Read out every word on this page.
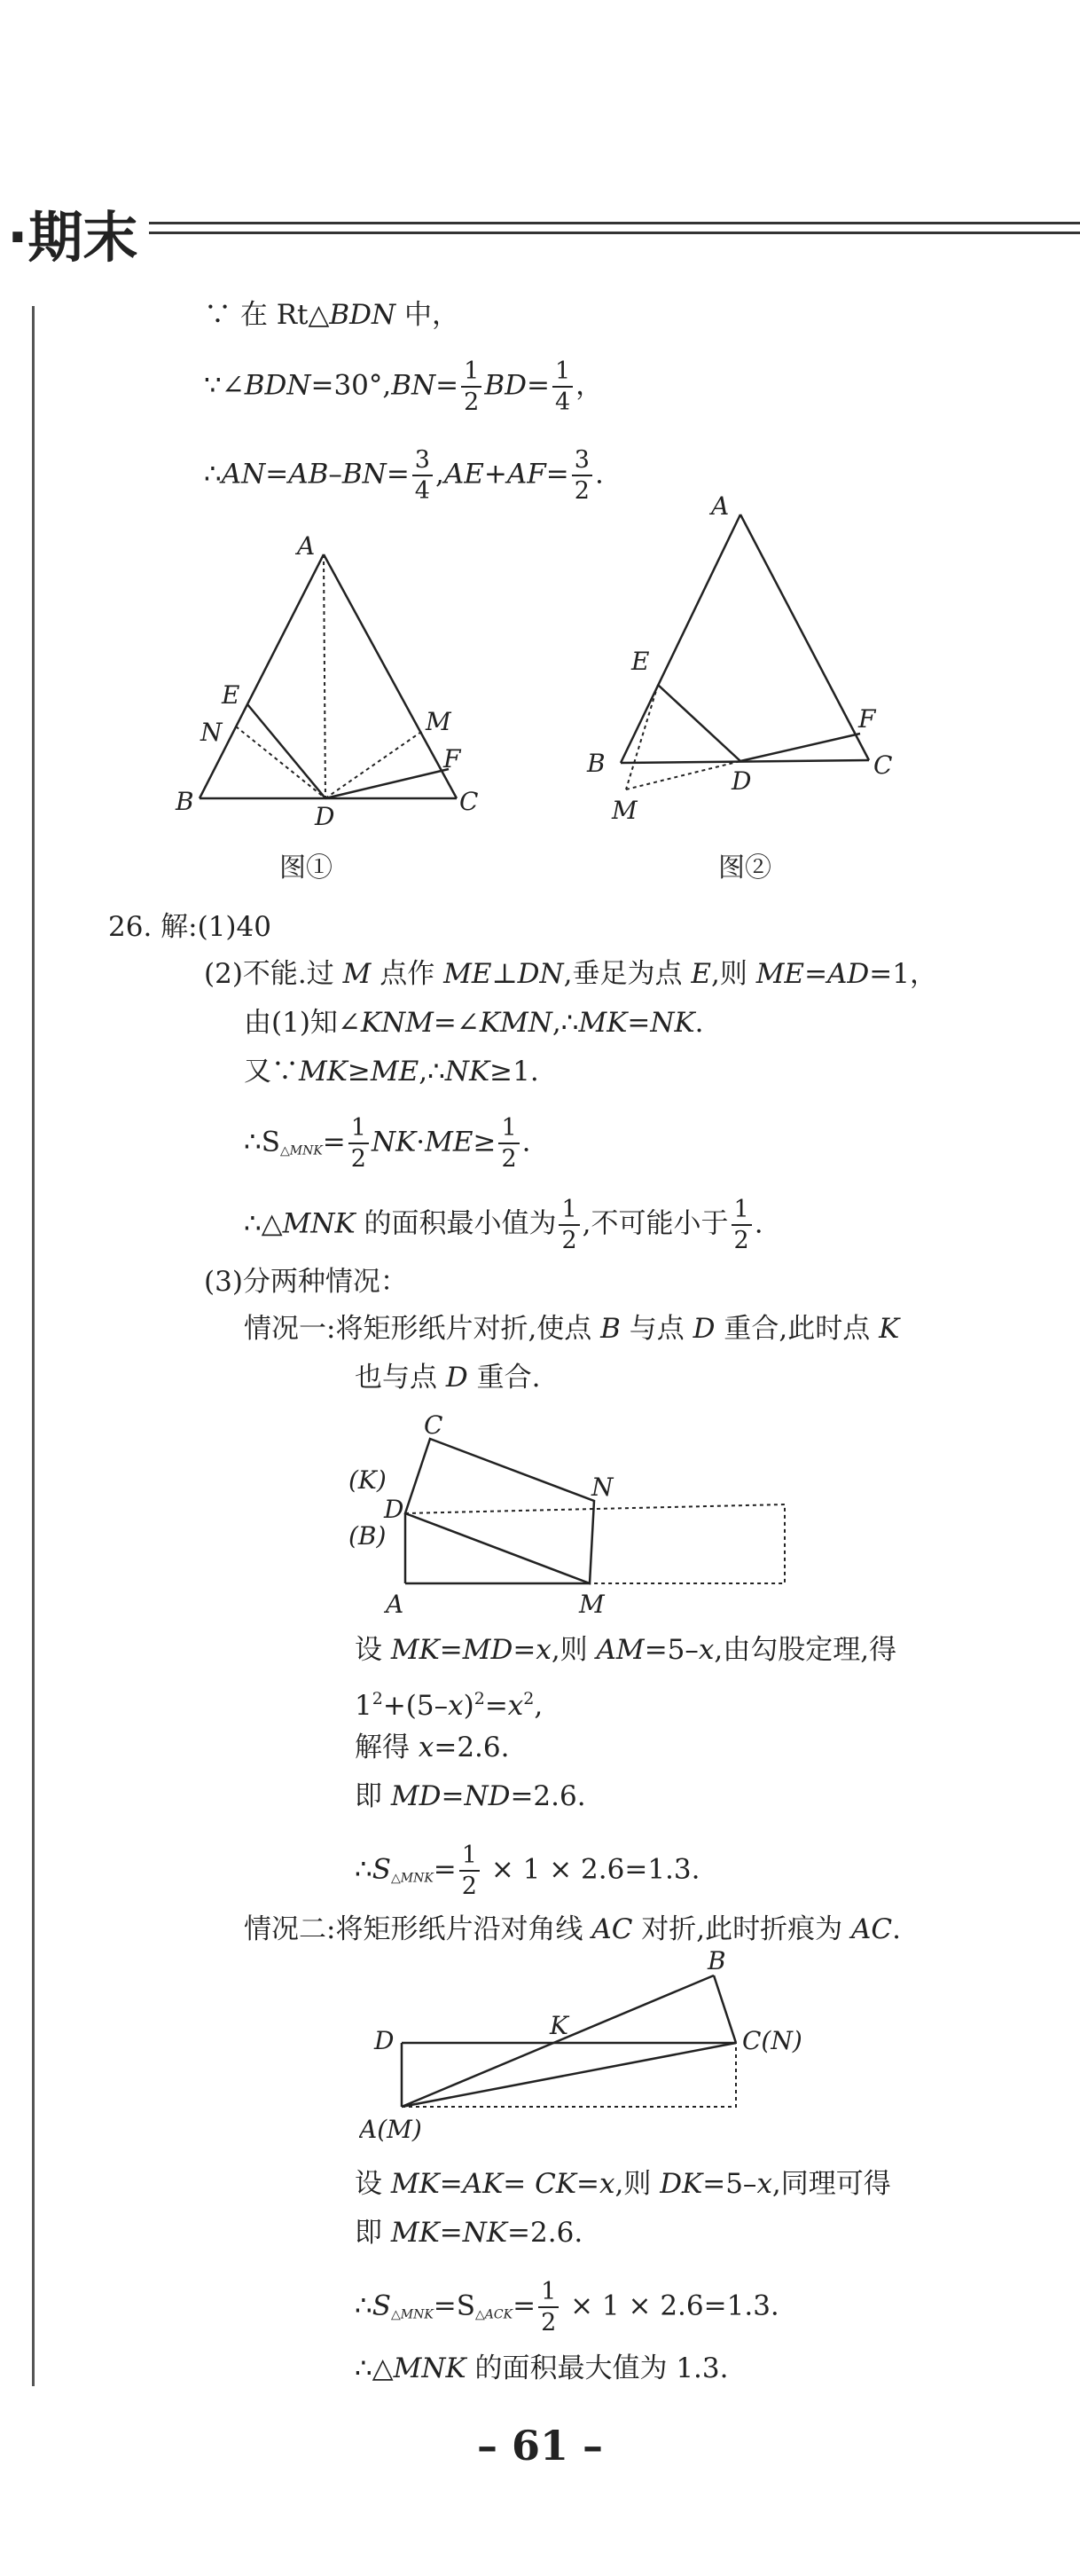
·期末
∵ 在 Rt△BDN 中，
∵∠BDN=30°,BN= $\frac{1}{2} BD= \frac{1}{4}$ ，
∴AN=AB–BN= $\frac{3}{4} ,AE+AF= \frac{3}{2}$ .
A
B	C
D
E
F
M
N
图①
A
B	C
D
E
F
M
图②
26. 解:(1)40
(2)不能.过 M 点作 ME⊥DN,垂足为点 E,则 ME=AD=1，
由(1)知∠KNM=∠KMN,∴MK=NK.
又∵MK≥ME,∴NK≥1.
$\therefore S_{\triangle MNK}= \frac{1}{2} NK\cdot ME\ge \frac{1}{2}$ .
∴△MNK 的面积最小值为 $\frac{1}{2}$ ,不可能小于 $\frac{1}{2}$ .
(3)分两种情况：
情况一:将矩形纸片对折,使点 B 与点 D 重合,此时点 K
也与点 D 重合.
C
(K)
D
(B)
N
A	M
设 MK=MD=x,则 AM=5–x,由勾股定理,得
$1^2+(5-x)^2=x^2$,
解得 x=2.6.
即 MD=ND=2.6.
$\therefore S_{\triangle MNK}= \frac{1}{2} \times 1 \times 2.6=1.3$.
情况二:将矩形纸片沿对角线 AC 对折,此时折痕为 AC.
B
D
K
C(N)
A(M)
设 MK=AK= CK=x,则 DK=5–x,同理可得
即 MK=NK=2.6.
$\therefore S_{\triangle MNK}=S_{\triangle ACK}= \frac{1}{2} \times 1 \times 2.6=1.3$.
∴△MNK 的面积最大值为 1.3.
– 61 –
